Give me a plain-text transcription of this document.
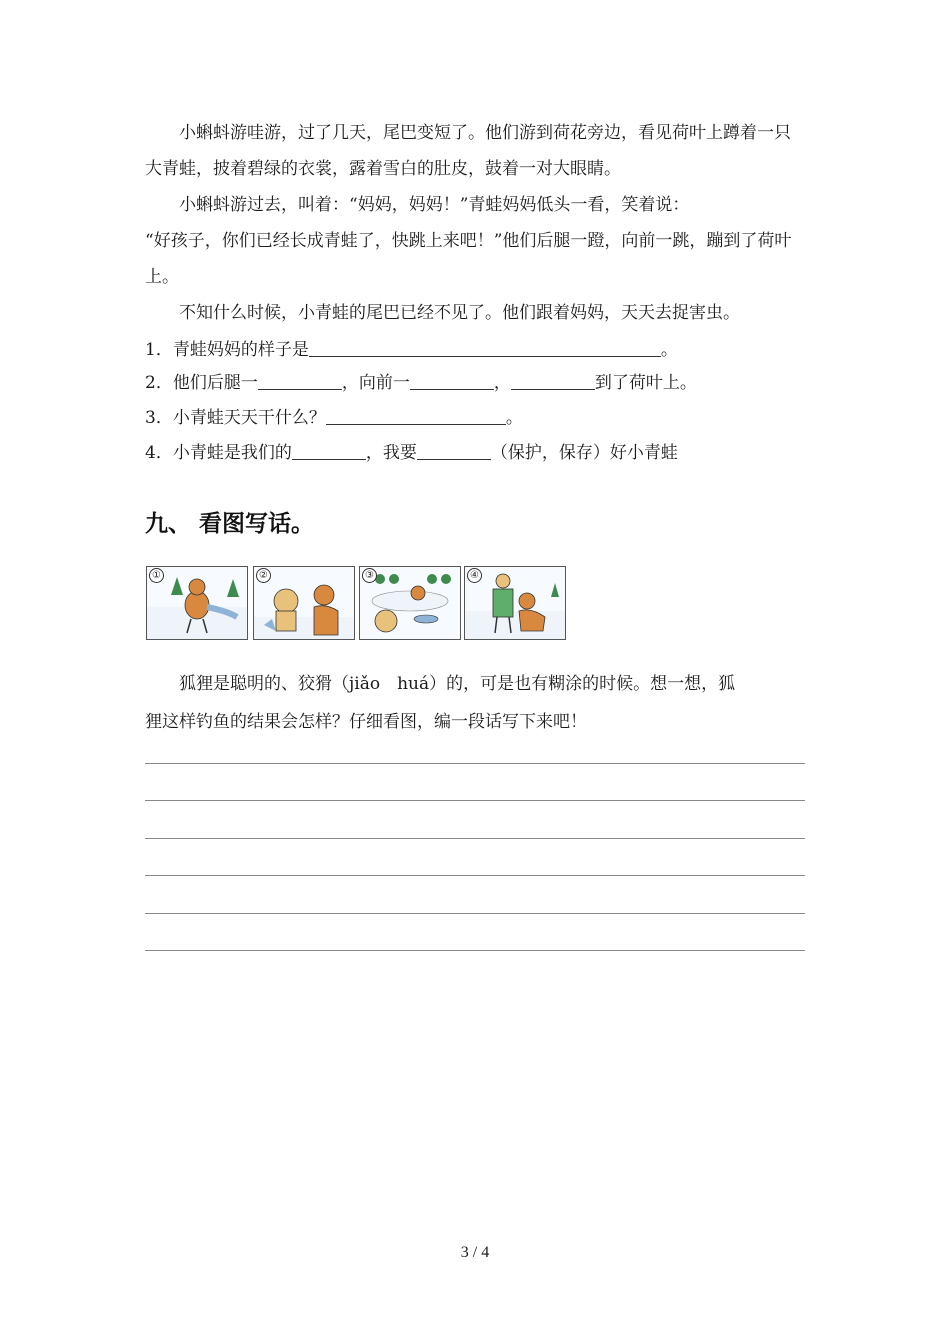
小蝌蚪游哇游，过了几天，尾巴变短了。他们游到荷花旁边，看见荷叶上蹲着一只大青蛙，披着碧绿的衣裳，露着雪白的肚皮，鼓着一对大眼睛。

小蝌蚪游过去，叫着：“妈妈，妈妈！”青蛙妈妈低头一看，笑着说：

“好孩子，你们已经长成青蛙了，快跳上来吧！”他们后腿一蹬，向前一跳，蹦到了荷叶上。

不知什么时候，小青蛙的尾巴已经不见了。他们跟着妈妈，天天去捉害虫。

1．青蛙妈妈的样子是	。
2．他们后腿一	，向前一	，	到了荷叶上。
3．小青蛙天天干什么？	。
4．小青蛙是我们的	，我要	（保护，保存）好小青蛙
九、 看图写话。
①	②	③	④

狐狸是聪明的、狡猾（jiǎo　huá）的，可是也有糊涂的时候。想一想，狐

狸这样钓鱼的结果会怎样？仔细看图，编一段话写下来吧！

3 / 4
